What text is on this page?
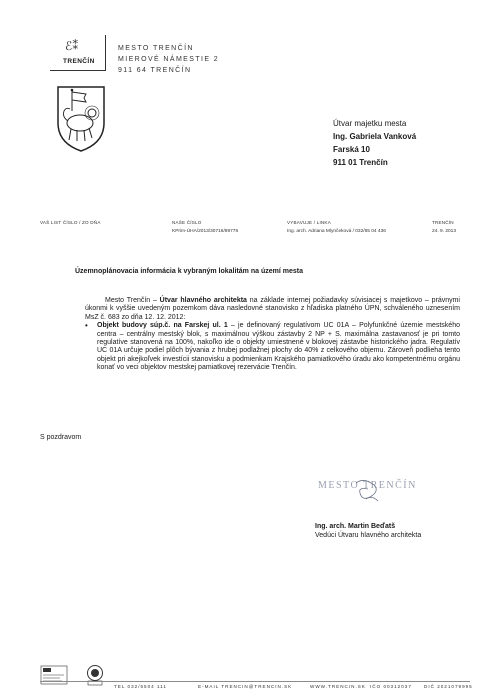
ℰ⁑
TRENČÍN
MESTO TRENČÍN
MIEROVÉ NÁMESTIE 2
911 64 TRENČÍN
Útvar majetku mesta
Ing. Gabriela Vanková
Farská 10
911 01 Trenčín
VAŠ LIST ČÍSLO / ZO DŇA	NAŠE ČÍSLO
KPrim-ÚHA/2013/30716/89776
VYBAVUJE / LINKA
Ing. arch. Adriana Mlynčeková / 032/65 04 436
TRENČÍN
24. 9. 2013
Územnoplánovacia informácia k vybraným lokalitám na území mesta
Mesto Trenčín – Útvar hlavného architekta na základe internej požiadavky súvisiacej s majetkovo – právnymi úkonmi k vyššie uvedeným pozemkom dáva nasledovné stanovisko z hľadiska platného ÚPN, schváleného uznesením MsZ č. 683 zo dňa 12. 12. 2012:
• Objekt budovy súp.č. na Farskej ul. 1 – je definovaný regulatívom UC 01A – Polyfunkčné územie mestského centra – centrálny mestský blok, s maximálnou výškou zástavby 2 NP + S. maximálna zastavanosť je pri tomto regulatíve stanovená na 100%, nakoľko ide o objekty umiestnené v blokovej zástavbe historického jadra. Regulatív UC 01A určuje podiel plôch bývania z hrubej podlažnej plochy do 40% z celkového objemu. Zároveň podlieha tento objekt pri akejkoľvek investícii stanovisku a podmienkam Krajského pamiatkového úradu ako kompetentnému orgánu konať vo veci objektov mestskej pamiatkovej rezervácie Trenčín.
S pozdravom
MESTO TRENČÍN
Ing. arch. Martin Beďatš
Vedúci Útvaru hlavného architekta
TEL 032/6504 111	E-MAIL TRENCIN@TRENCIN.SK	WWW.TRENCIN.SK IČO 00312037	DIČ 2021079995
